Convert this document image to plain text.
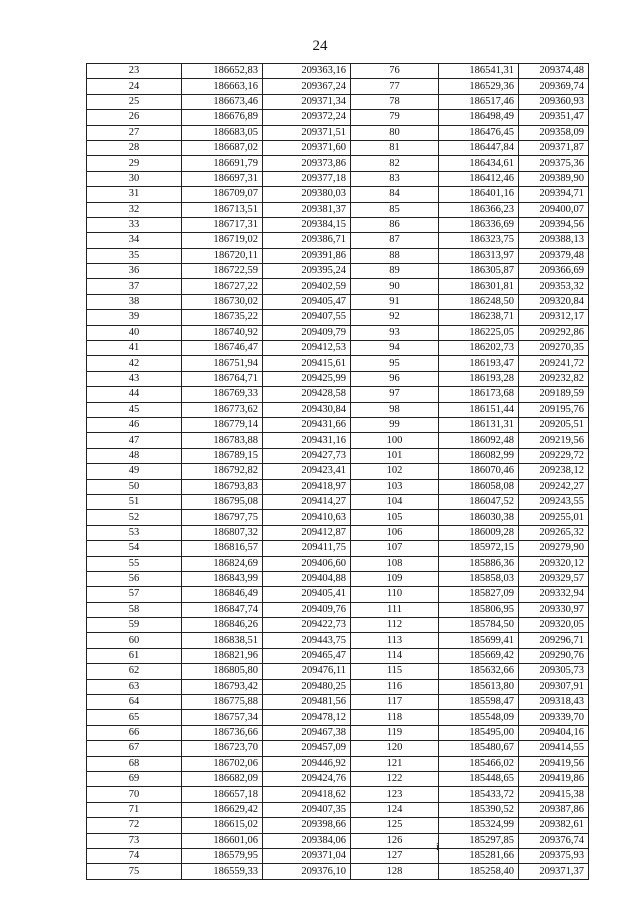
24
23	186652,83	209363,16	76	186541,31	209374,48
24	186663,16	209367,24	77	186529,36	209369,74
25	186673,46	209371,34	78	186517,46	209360,93
26	186676,89	209372,24	79	186498,49	209351,47
27	186683,05	209371,51	80	186476,45	209358,09
28	186687,02	209371,60	81	186447,84	209371,87
29	186691,79	209373,86	82	186434,61	209375,36
30	186697,31	209377,18	83	186412,46	209389,90
31	186709,07	209380,03	84	186401,16	209394,71
32	186713,51	209381,37	85	186366,23	209400,07
33	186717,31	209384,15	86	186336,69	209394,56
34	186719,02	209386,71	87	186323,75	209388,13
35	186720,11	209391,86	88	186313,97	209379,48
36	186722,59	209395,24	89	186305,87	209366,69
37	186727,22	209402,59	90	186301,81	209353,32
38	186730,02	209405,47	91	186248,50	209320,84
39	186735,22	209407,55	92	186238,71	209312,17
40	186740,92	209409,79	93	186225,05	209292,86
41	186746,47	209412,53	94	186202,73	209270,35
42	186751,94	209415,61	95	186193,47	209241,72
43	186764,71	209425,99	96	186193,28	209232,82
44	186769,33	209428,58	97	186173,68	209189,59
45	186773,62	209430,84	98	186151,44	209195,76
46	186779,14	209431,66	99	186131,31	209205,51
47	186783,88	209431,16	100	186092,48	209219,56
48	186789,15	209427,73	101	186082,99	209229,72
49	186792,82	209423,41	102	186070,46	209238,12
50	186793,83	209418,97	103	186058,08	209242,27
51	186795,08	209414,27	104	186047,52	209243,55
52	186797,75	209410,63	105	186030,38	209255,01
53	186807,32	209412,87	106	186009,28	209265,32
54	186816,57	209411,75	107	185972,15	209279,90
55	186824,69	209406,60	108	185886,36	209320,12
56	186843,99	209404,88	109	185858,03	209329,57
57	186846,49	209405,41	110	185827,09	209332,94
58	186847,74	209409,76	111	185806,95	209330,97
59	186846,26	209422,73	112	185784,50	209320,05
60	186838,51	209443,75	113	185699,41	209296,71
61	186821,96	209465,47	114	185669,42	209290,76
62	186805,80	209476,11	115	185632,66	209305,73
63	186793,42	209480,25	116	185613,80	209307,91
64	186775,88	209481,56	117	185598,47	209318,43
65	186757,34	209478,12	118	185548,09	209339,70
66	186736,66	209467,38	119	185495,00	209404,16
67	186723,70	209457,09	120	185480,67	209414,55
68	186702,06	209446,92	121	185466,02	209419,56
69	186682,09	209424,76	122	185448,65	209419,86
70	186657,18	209418,62	123	185433,72	209415,38
71	186629,42	209407,35	124	185390,52	209387,86
72	186615,02	209398,66	125	185324,99	209382,61
73	186601,06	209384,06	126	185297,85	209376,74
74	186579,95	209371,04	127	185281,66	209375,93
75	186559,33	209376,10	128	185258,40	209371,37
i
